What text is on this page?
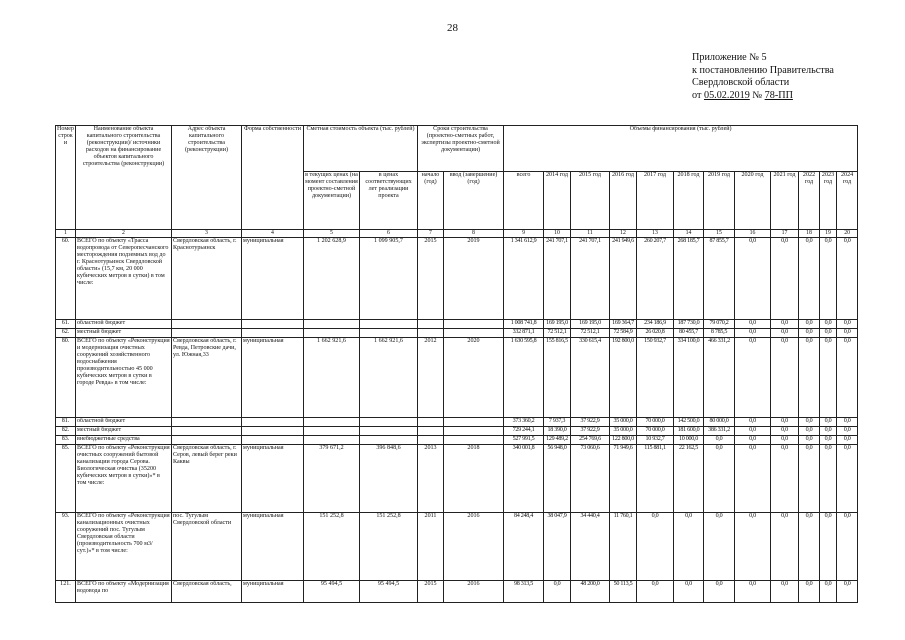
28
Приложение № 5
к постановлению Правительства
Свердловской области
от 05.02.2019 № 78-ПП
Номер строки	Наименование объекта капитального строительства (реконструкции)/ источники расходов на финансирование объектов капитального строительства (реконструкции)	Адрес объекта капитального строительства (реконструкции)	Форма собственности	Сметная стоимость объекта (тыс. рублей)		Сроки строительства (проектно-сметных работ, экспертизы проектно-сметной документации)		Объемы финансирования (тыс. рублей)											
				в текущих ценах (на момент составления проектно-сметной документации)	в ценах соответствующих лет реализации проекта	начало (год)	ввод (завершение) (год)	всего	2014 год	2015 год	2016 год	2017 год	2018 год	2019 год	2020 год	2021 год	2022 год	2023 год	2024 год
1	2	3	4	5	6	7	8	9	10	11	12	13	14	15	16	17	18	19	20
60.	ВСЕГО по объекту «Трасса водопровода от Северопесчанского месторождения подземных вод до г. Краснотурьинск Свердловской области» (15,7 км, 20 000 кубических метров в сутки) в том числе:	Свердловская область, г. Краснотурьинск	муниципальная	1 202 628,9	1 099 905,7	2015	2019	1 341 612,9	241 707,1	241 707,1	241 949,6	260 207,7	268 185,7	87 855,7	0,0	0,0	0,0	0,0	0,0
61.	областной бюджет							1 008 741,8	169 195,0	169 195,0	169 364,7	234 186,9	187 730,0	79 070,2	0,0	0,0	0,0	0,0	0,0
62.	местный бюджет							332 871,1	72 512,1	72 512,1	72 584,9	26 020,8	80 455,7	8 785,5	0,0	0,0	0,0	0,0	0,0
80.	ВСЕГО по объекту «Реконструкция и модернизация очистных сооружений хозяйственного водоснабжения производительностью 45 000 кубических метров в сутки в городе Ревда» в том числе:	Свердловская область, г. Ревда, Петровские дачи, ул. Южная,33	муниципальная	1 662 921,6	1 662 921,6	2012	2020	1 630 595,8	155 816,5	330 615,4	192 800,0	150 932,7	334 100,0	466 331,2	0,0	0,0	0,0	0,0	0,0
81.	областной бюджет							373 360,2	7 937,3	37 922,9	35 000,0	70 000,0	142 500,0	80 000,0	0,0	0,0	0,0	0,0	0,0
82.	местный бюджет							729 244,1	18 390,0	37 922,9	35 000,0	70 000,0	181 600,0	386 331,2	0,0	0,0	0,0	0,0	0,0
83.	внебюджетные средства							527 991,5	129 489,2	254 769,6	122 800,0	10 932,7	10 000,0	0,0	0,0	0,0	0,0	0,0	0,0
85.	ВСЕГО по объекту «Реконструкция очистных сооружений бытовой канализации города Серова. Биологическая очистка (35200 кубических метров в сутки)»* в том числе:	Свердловская область, г. Серов, левый берег реки Каквы	муниципальная	379 671,2	396 848,6	2013	2018	340 001,8	56 948,0	73 060,6	71 949,6	115 881,1	22 162,5	0,0	0,0	0,0	0,0	0,0	0,0
93.	ВСЕГО по объекту «Реконструкция канализационных очистных сооружений пос. Тугулым Свердловская области (производительность 700 м3/сут.)»* в том числе:	пос. Тугулым Свердловской области	муниципальная	151 252,8	151 252,8	2011	2016	84 248,4	38 047,9	34 440,4	11 760,1	0,0	0,0	0,0	0,0	0,0	0,0	0,0	0,0
121.	ВСЕГО по объекту «Модернизация водовода по	Свердловская область,	муниципальная	95 494,5	95 494,5	2015	2016	98 313,5	0,0	48 200,0	50 113,5	0,0	0,0	0,0	0,0	0,0	0,0	0,0	0,0
